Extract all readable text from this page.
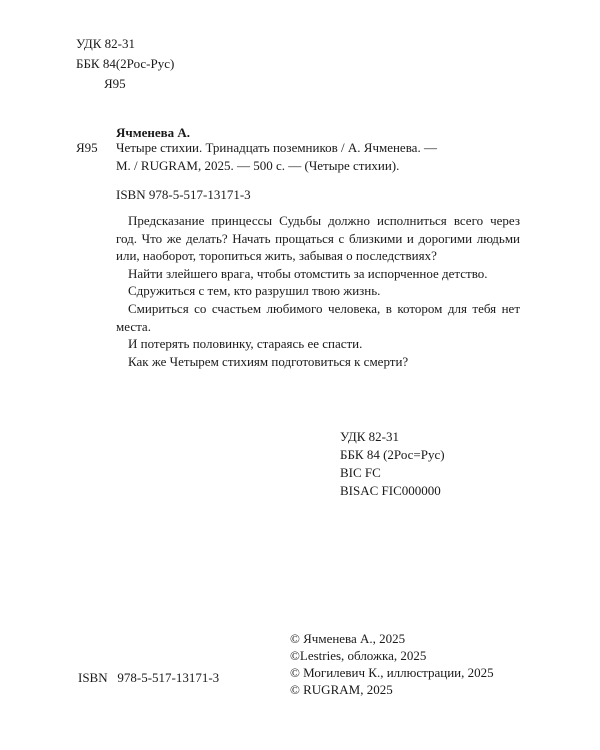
УДК 82-31
ББК 84(2Рос-Рус)
Я95
Ячменева А.
Я95 Четыре стихии. Тринадцать поземников / А. Ячменева. —
М. / RUGRAM, 2025. — 500 с. — (Четыре стихии).
ISBN 978-5-517-13171-3

Предсказание принцессы Судьбы должно исполниться всего через год. Что же делать? Начать прощаться с близкими и дорогими людьми или, наоборот, торопиться жить, забывая о последствиях?

Найти злейшего врага, чтобы отомстить за испорченное детство.

Сдружиться с тем, кто разрушил твою жизнь.

Смириться со счастьем любимого человека, в котором для тебя нет места.

И потерять половинку, стараясь ее спасти.

Как же Четырем стихиям подготовиться к смерти?

УДК 82-31
ББК 84 (2Рос=Рус)
BIC FC
BISAC FIC000000
© Ячменева А., 2025
©Lestries, обложка, 2025
© Могилевич К., иллюстрации, 2025
© RUGRAM, 2025
ISBN   978-5-517-13171-3
